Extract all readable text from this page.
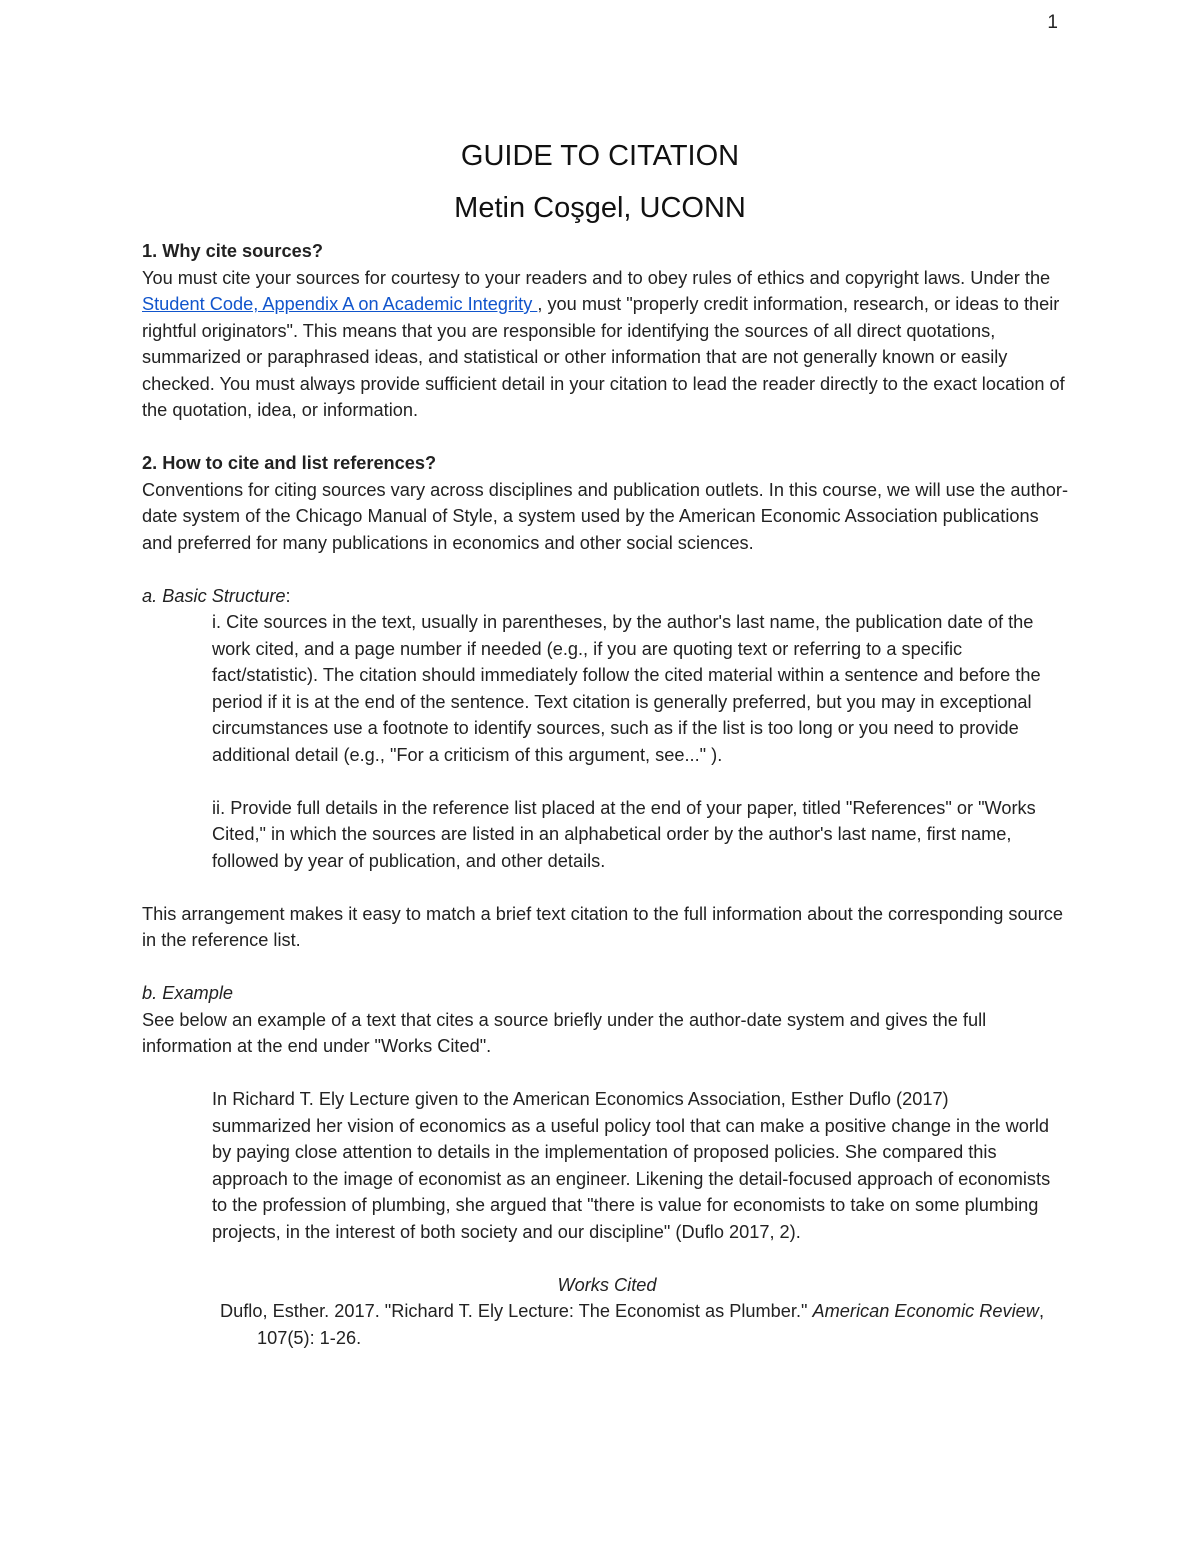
1
GUIDE TO CITATION
Metin Coşgel, UCONN

1. Why cite sources?

You must cite your sources for courtesy to your readers and to obey rules of ethics and copyright laws. Under the Student Code, Appendix A on Academic Integrity , you must "properly credit information, research, or ideas to their rightful originators". This means that you are responsible for identifying the sources of all direct quotations, summarized or paraphrased ideas, and statistical or other information that are not generally known or easily checked. You must always provide sufficient detail in your citation to lead the reader directly to the exact location of the quotation, idea, or information.

2. How to cite and list references?

Conventions for citing sources vary across disciplines and publication outlets. In this course, we will use the author-date system of the Chicago Manual of Style, a system used by the American Economic Association publications and preferred for many publications in economics and other social sciences.

a. Basic Structure:

i. Cite sources in the text, usually in parentheses, by the author's last name, the publication date of the work cited, and a page number if needed (e.g., if you are quoting text or referring to a specific fact/statistic). The citation should immediately follow the cited material within a sentence and before the period if it is at the end of the sentence. Text citation is generally preferred, but you may in exceptional circumstances use a footnote to identify sources, such as if the list is too long or you need to provide additional detail (e.g., "For a criticism of this argument, see..." ).

ii. Provide full details in the reference list placed at the end of your paper, titled "References" or "Works Cited," in which the sources are listed in an alphabetical order by the author's last name, first name, followed by year of publication, and other details.

This arrangement makes it easy to match a brief text citation to the full information about the corresponding source in the reference list.

b. Example

See below an example of a text that cites a source briefly under the author-date system and gives the full information at the end under "Works Cited".

In Richard T. Ely Lecture given to the American Economics Association, Esther Duflo (2017) summarized her vision of economics as a useful policy tool that can make a positive change in the world by paying close attention to details in the implementation of proposed policies. She compared this approach to the image of economist as an engineer. Likening the detail-focused approach of economists to the profession of plumbing, she argued that "there is value for economists to take on some plumbing projects, in the interest of both society and our discipline" (Duflo 2017, 2).

Works Cited

Duflo, Esther. 2017. "Richard T. Ely Lecture: The Economist as Plumber." American Economic Review, 107(5): 1-26.
